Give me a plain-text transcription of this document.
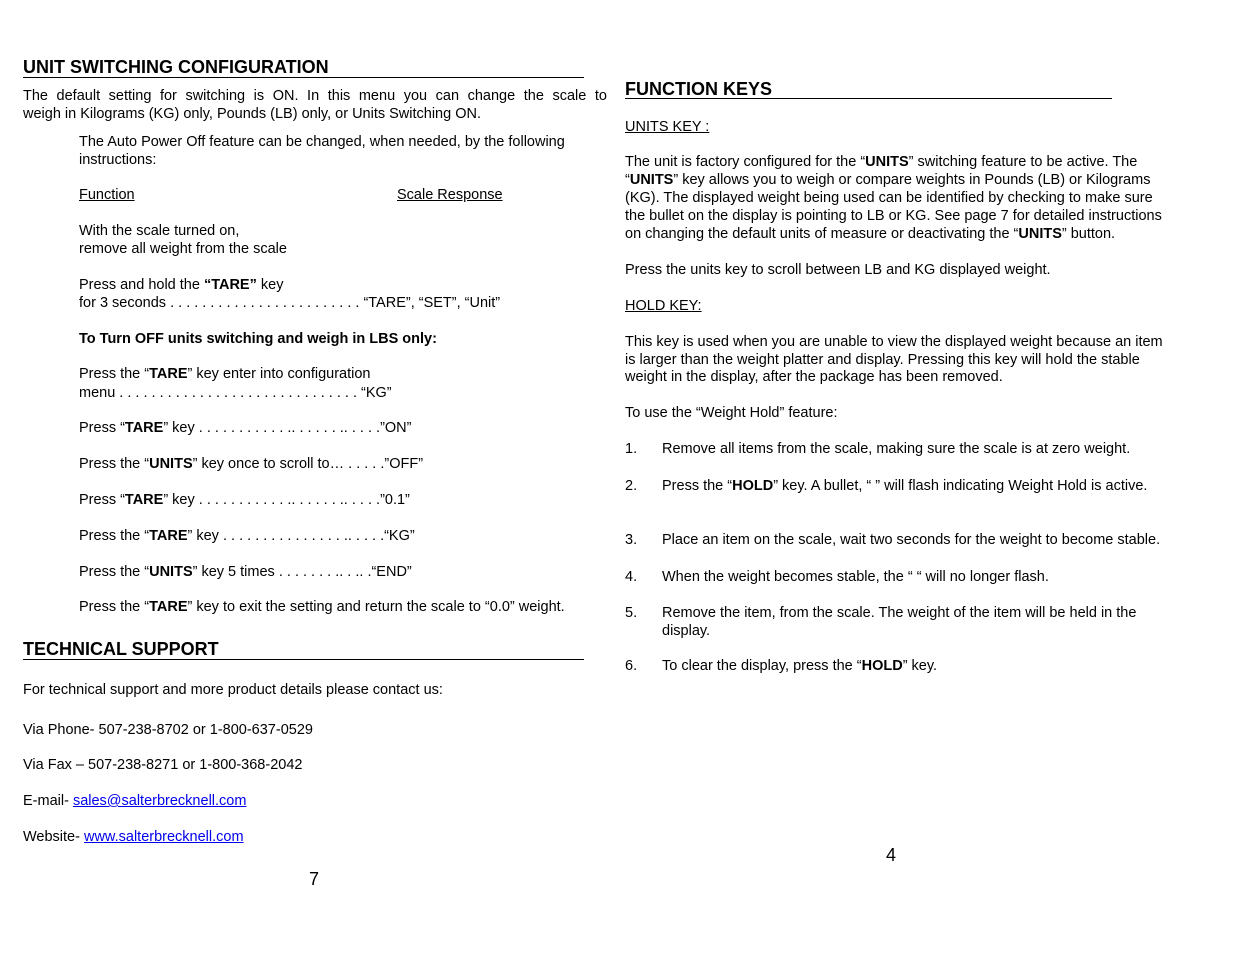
UNIT SWITCHING CONFIGURATION
The default setting for switching is ON. In this menu you can change the scale to
weigh in Kilograms (KG) only, Pounds (LB) only, or Units Switching ON.
The Auto Power Off feature can be changed, when needed, by the following
instructions:
Function	Scale Response
With the scale turned on,
remove all weight from the scale
Press and hold the “TARE” key
for 3 seconds . . . . . . . . . . . . . . . . . . . . . . . . “TARE”, “SET”, “Unit”
To Turn OFF units switching and weigh in LBS only:
Press the “TARE” key enter into configuration
menu . . . . . . . . . . . . . . . . . . . . . . . . . . . . . . “KG”
Press “TARE” key . . . . . . . . . . . .. . . . . . .. . . . .”ON”
Press the “UNITS” key once to scroll to… . . . . .”OFF”
Press “TARE” key . . . . . . . . . . . .. . . . . . .. . . . .”0.1”
Press the “TARE” key . . . . . . . . . . . . . . . .. . . . .“KG”
Press the “UNITS” key 5 times . . . . . . . .. . .. .“END”
Press the “TARE” key to exit the setting and return the scale to “0.0” weight.
TECHNICAL SUPPORT
For technical support and more product details please contact us:
Via Phone- 507-238-8702 or 1-800-637-0529
Via Fax – 507-238-8271 or 1-800-368-2042
E-mail- sales@salterbrecknell.com
Website- www.salterbrecknell.com
7
FUNCTION KEYS
UNITS KEY :
The unit is factory configured for the “UNITS” switching feature to be active. The
“UNITS” key allows you to weigh or compare weights in Pounds (LB) or Kilograms
(KG). The displayed weight being used can be identified by checking to make sure
the bullet on the display is pointing to LB or KG. See page 7 for detailed instructions
on changing the default units of measure or deactivating the “UNITS” button.
Press the units key to scroll between LB and KG displayed weight.
HOLD KEY:
This key is used when you are unable to view the displayed weight because an item
is larger than the weight platter and display. Pressing this key will hold the stable
weight in the display, after the package has been removed.
To use the “Weight Hold” feature:
1. Remove all items from the scale, making sure the scale is at zero weight.
2. Press the “HOLD” key. A bullet, “ ” will flash indicating Weight Hold is active.
3. Place an item on the scale, wait two seconds for the weight to become stable.
4. When the weight becomes stable, the “ “ will no longer flash.
5. Remove the item, from the scale. The weight of the item will be held in the
display.
6. To clear the display, press the “HOLD” key.
4
